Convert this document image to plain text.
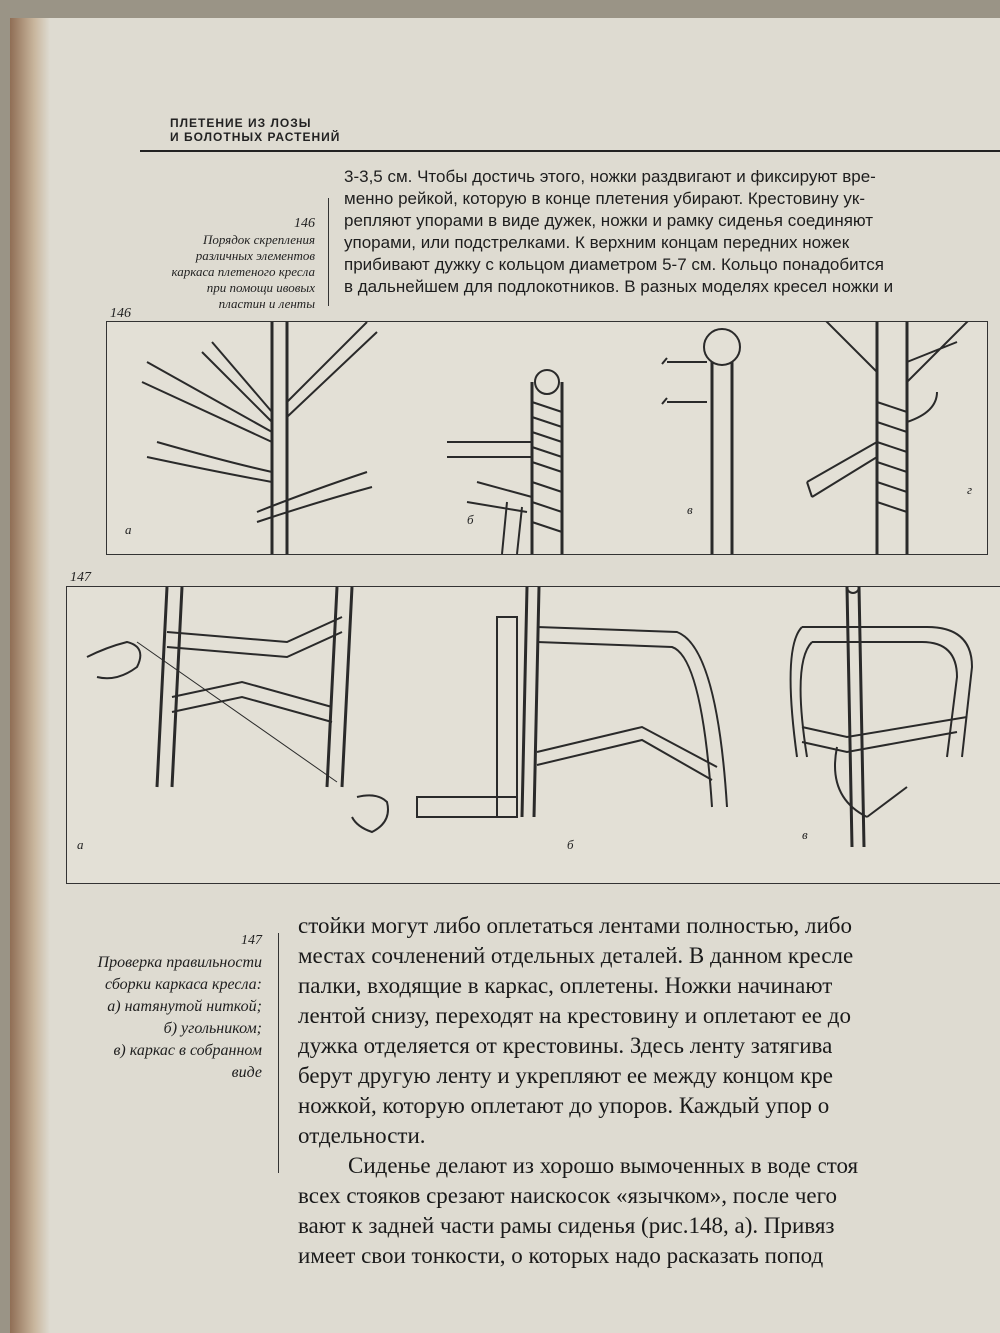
ПЛЕТЕНИЕ ИЗ ЛОЗЫ
И БОЛОТНЫХ РАСТЕНИЙ

3-3,5 см. Чтобы достичь этого, ножки раздвигают и фиксируют вре-

менно рейкой, которую в конце плетения убирают. Крестовину ук-

репляют упорами в виде дужек, ножки и рамку сиденья соединяют

упорами, или подстрелками. К верхним концам передних ножек

прибивают дужку с кольцом диаметром 5-7 см. Кольцо понадобится

в дальнейшем для подлокотников. В разных моделях кресел ножки и

146
Порядок скрепления
различных элементов
каркаса плетеного кресла
при помощи ивовых
пластин и ленты
146
а
б
в
г
147
а	б
в
147
Проверка правильности
сборки каркаса кресла:
а) натянутой ниткой;
б) угольником;
в) каркас в собранном
виде

стойки могут либо оплетаться лентами полностью, либо

местах сочленений отдельных деталей. В данном кресле

палки, входящие в каркас, оплетены. Ножки начинают

лентой снизу, переходят на крестовину и оплетают ее до

дужка отделяется от крестовины. Здесь ленту затягива

берут другую ленту и укрепляют ее между концом кре

ножкой, которую оплетают до упоров. Каждый упор о

отдельности.

Сиденье делают из хорошо вымоченных в воде стоя

всех стояков срезают наискосок «язычком», после чего

вают к задней части рамы сиденья (рис.148, а). Привяз

имеет свои тонкости, о которых надо раcказать попод
